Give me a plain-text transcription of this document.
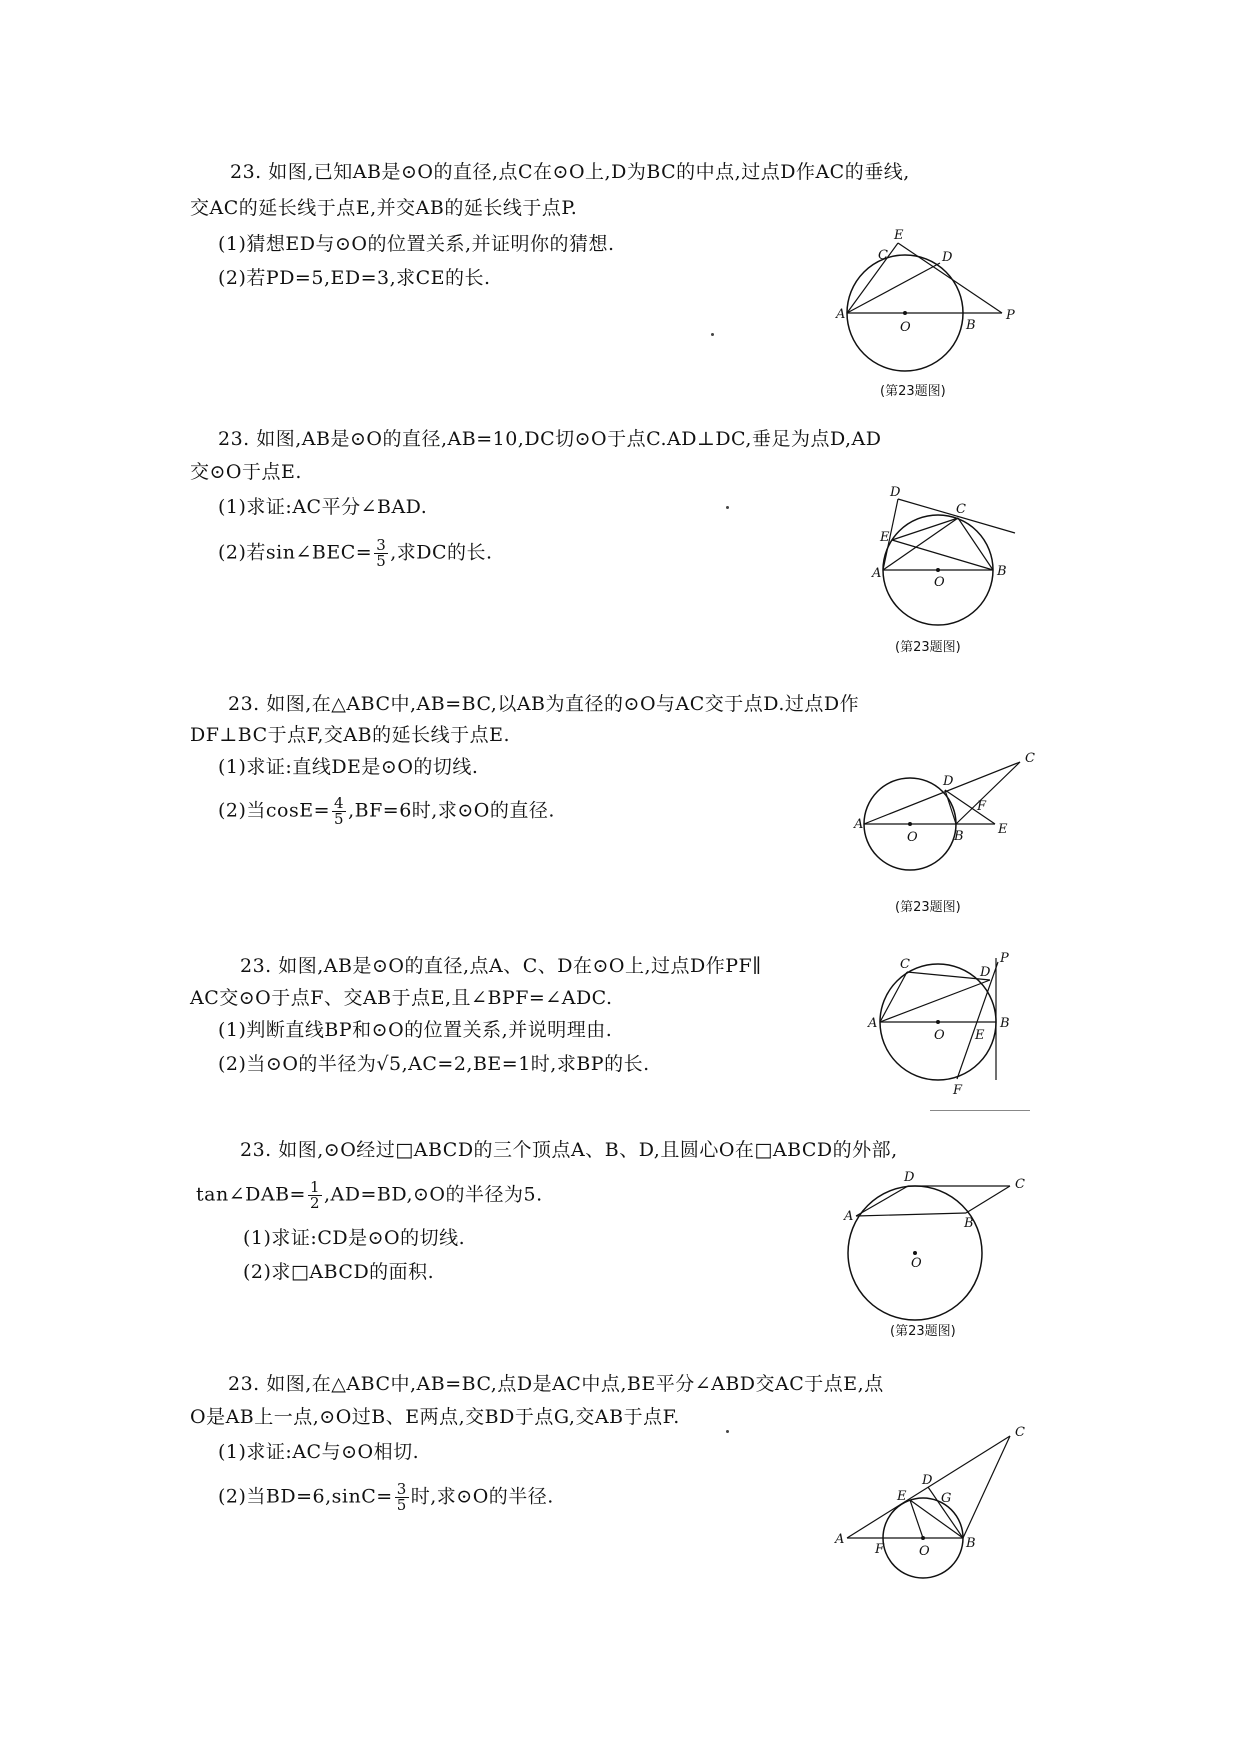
23. 如图,已知AB是⊙O的直径,点C在⊙O上,D为BC的中点,过点D作AC的垂线,
交AC的延长线于点E,并交AB的延长线于点P.
(1)猜想ED与⊙O的位置关系,并证明你的猜想.
(2)若PD=5,ED=3,求CE的长.
A
O	B
P
C	D
E
(第23题图)
23. 如图,AB是⊙O的直径,AB=10,DC切⊙O于点C.AD⊥DC,垂足为点D,AD
交⊙O于点E.
(1)求证:AC平分∠BAD.
(2)若sin∠BEC= $\frac{3}{5}$ ,求DC的长.
A
O
B
C
D
E
(第23题图)
23. 如图,在△ABC中,AB=BC,以AB为直径的⊙O与AC交于点D.过点D作
DF⊥BC于点F,交AB的延长线于点E.
(1)求证:直线DE是⊙O的切线.
(2)当$\cos E= \frac{4}{5} ,BF=6$时,求⊙O的直径.
A
O	B	E
F
D
C
(第23题图)
23. 如图,AB是⊙O的直径,点A、C、D在⊙O上,过点D作PF∥
AC交⊙O于点F、交AB于点E,且∠BPF=∠ADC.
(1)判断直线BP和⊙O的位置关系,并说明理由.
(2)当⊙O的半径为√5,AC=2,BE=1时,求BP的长.
A
O E
B
C
D
P
F
23. 如图,⊙O经过□ABCD的三个顶点A、B、D,且圆心O在□ABCD的外部,
tan∠DAB= $\frac{1}{2}$ ,AD=BD,⊙O的半径为5.
(1)求证:CD是⊙O的切线.
(2)求□ABCD的面积.
A
D	C
B
O
(第23题图)
23. 如图,在△ABC中,AB=BC,点D是AC中点,BE平分∠ABD交AC于点E,点
O是AB上一点,⊙O过B、E两点,交BD于点G,交AB于点F.
(1)求证:AC与⊙O相切.
(2)当$BD=6,\sin C= \frac{3}{5}$ 时,求⊙O的半径.
A
F	O
B
E
D
G
C
